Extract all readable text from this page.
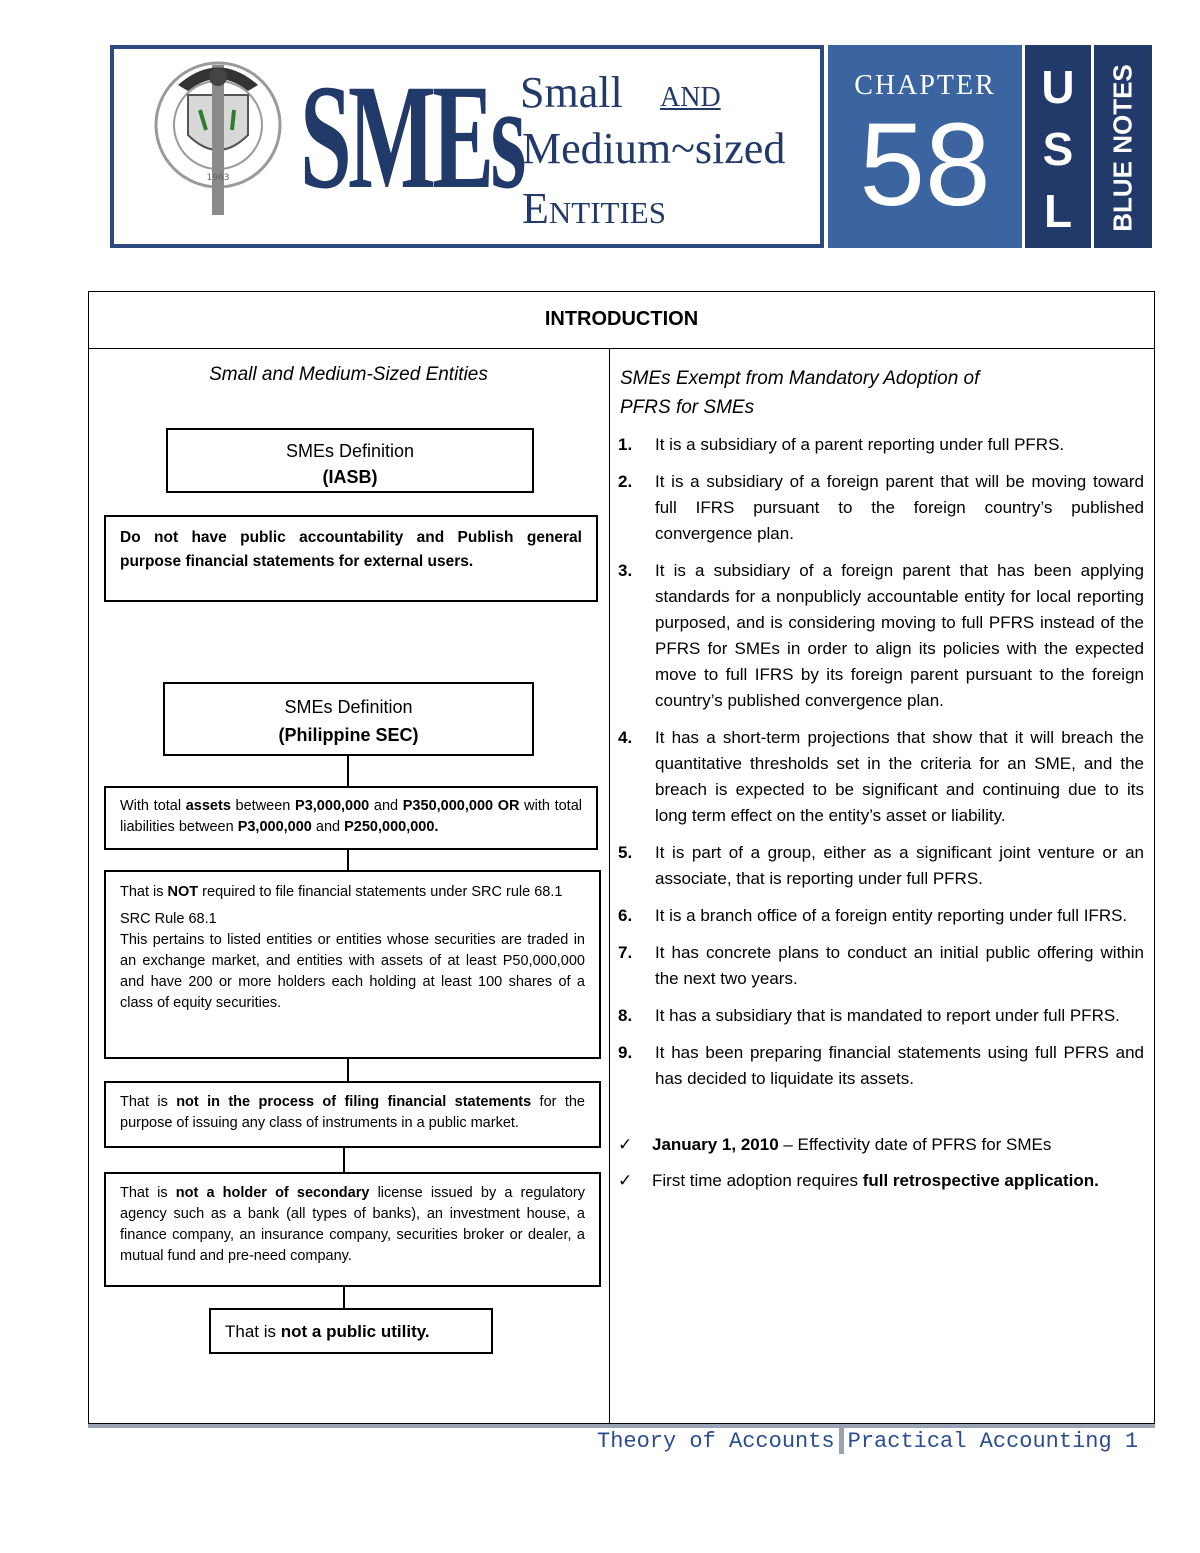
1963 SMEs
Small AND
Medium~sized
Entities
CHAPTER
58
U
S
L	BLUE NOTES
INTRODUCTION
Small and Medium-Sized Entities
SMEs Definition
(IASB)
Do not have public accountability and Publish general purpose financial statements for external users.
SMEs Definition
(Philippine SEC)
With total assets between P3,000,000 and P350,000,000 OR with total liabilities between P3,000,000 and P250,000,000.

That is NOT required to file financial statements under SRC rule 68.1

SRC Rule 68.1

This pertains to listed entities or entities whose securities are traded in an exchange market, and entities with assets of at least P50,000,000 and have 200 or more holders each holding at least 100 shares of a class of equity securities.

That is not in the process of filing financial statements for the purpose of issuing any class of instruments in a public market.
That is not a holder of secondary license issued by a regulatory agency such as a bank (all types of banks), an investment house, a finance company, an insurance company, securities broker or dealer, a mutual fund and pre-need company.
That is not a public utility.
SMEs Exempt from Mandatory Adoption of
PFRS for SMEs
1. It is a subsidiary of a parent reporting under full PFRS.
2. It is a subsidiary of a foreign parent that will be moving toward full IFRS pursuant to the foreign country’s published convergence plan.
3. It is a subsidiary of a foreign parent that has been applying standards for a nonpublicly accountable entity for local reporting purposed, and is considering moving to full PFRS instead of the PFRS for SMEs in order to align its policies with the expected move to full IFRS by its foreign parent pursuant to the foreign country’s published convergence plan.
4. It has a short-term projections that show that it will breach the quantitative thresholds set in the criteria for an SME, and the breach is expected to be significant and continuing due to its long term effect on the entity’s asset or liability.
5. It is part of a group, either as a significant joint venture or an associate, that is reporting under full PFRS.
6. It is a branch office of a foreign entity reporting under full IFRS.
7. It has concrete plans to conduct an initial public offering within the next two years.
8. It has a subsidiary that is mandated to report under full PFRS.
9. It has been preparing financial statements using full PFRS and has decided to liquidate its assets.
✓ January 1, 2010 – Effectivity date of PFRS for SMEs
✓ First time adoption requires full retrospective application.
Theory of Accounts Practical Accounting 1
